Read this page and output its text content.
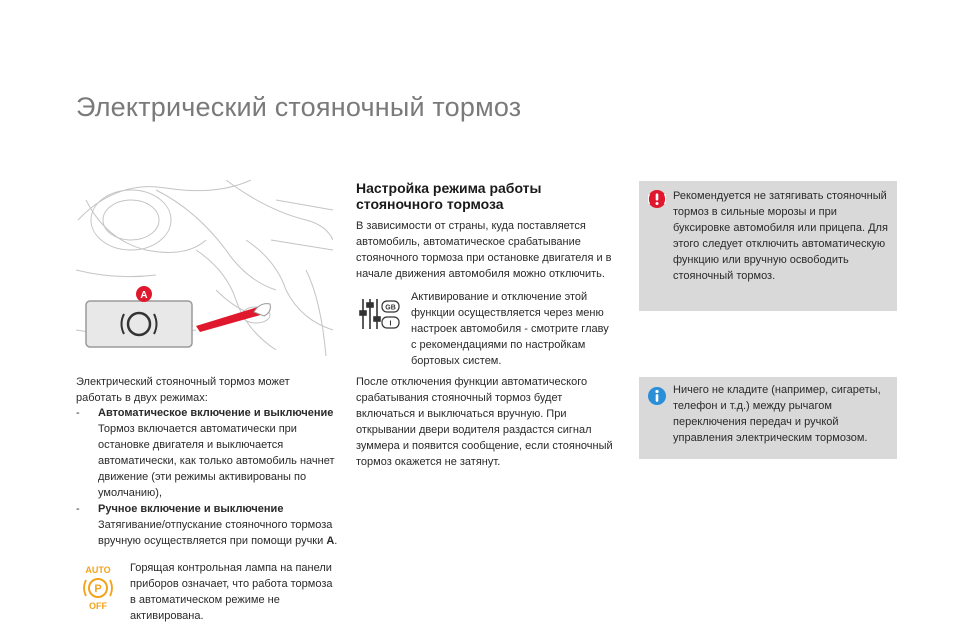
Электрический стояночный тормоз
A
Электрический стояночный тормоз может работать в двух режимах:
- Автоматическое включение и выключение
Тормоз включается автоматически при остановке двигателя и выключается автоматически, как только автомобиль начнет движение (эти режимы активированы по умолчанию),
- Ручное включение и выключение
Затягивание/отпускание стояночного тормоза вручную осуществляется при помощи ручки A.
AUTO
P
OFF
Горящая контрольная лампа на панели приборов означает, что работа тормоза в автоматическом режиме не активирована.
Настройка режима работы стояночного тормоза
В зависимости от страны, куда поставляется автомобиль, автоматическое срабатывание стояночного тормоза при остановке двигателя и в начале движения автомобиля можно отключить.
GB
I
Активирование и отключение этой функции осуществляется через меню настроек автомобиля - смотрите главу с рекомендациями по настройкам бортовых систем.
После отключения функции автоматического срабатывания стояночный тормоз будет включаться и выключаться вручную. При открывании двери водителя раздастся сигнал зуммера и появится сообщение, если стояночный тормоз окажется не затянут.
Рекомендуется не затягивать стояночный тормоз в сильные морозы и при буксировке автомобиля или прицепа. Для этого следует отключить автоматическую функцию или вручную освободить стояночный тормоз.
Ничего не кладите (например, сигареты, телефон и т.д.) между рычагом переключения передач и ручкой управления электрическим тормозом.
